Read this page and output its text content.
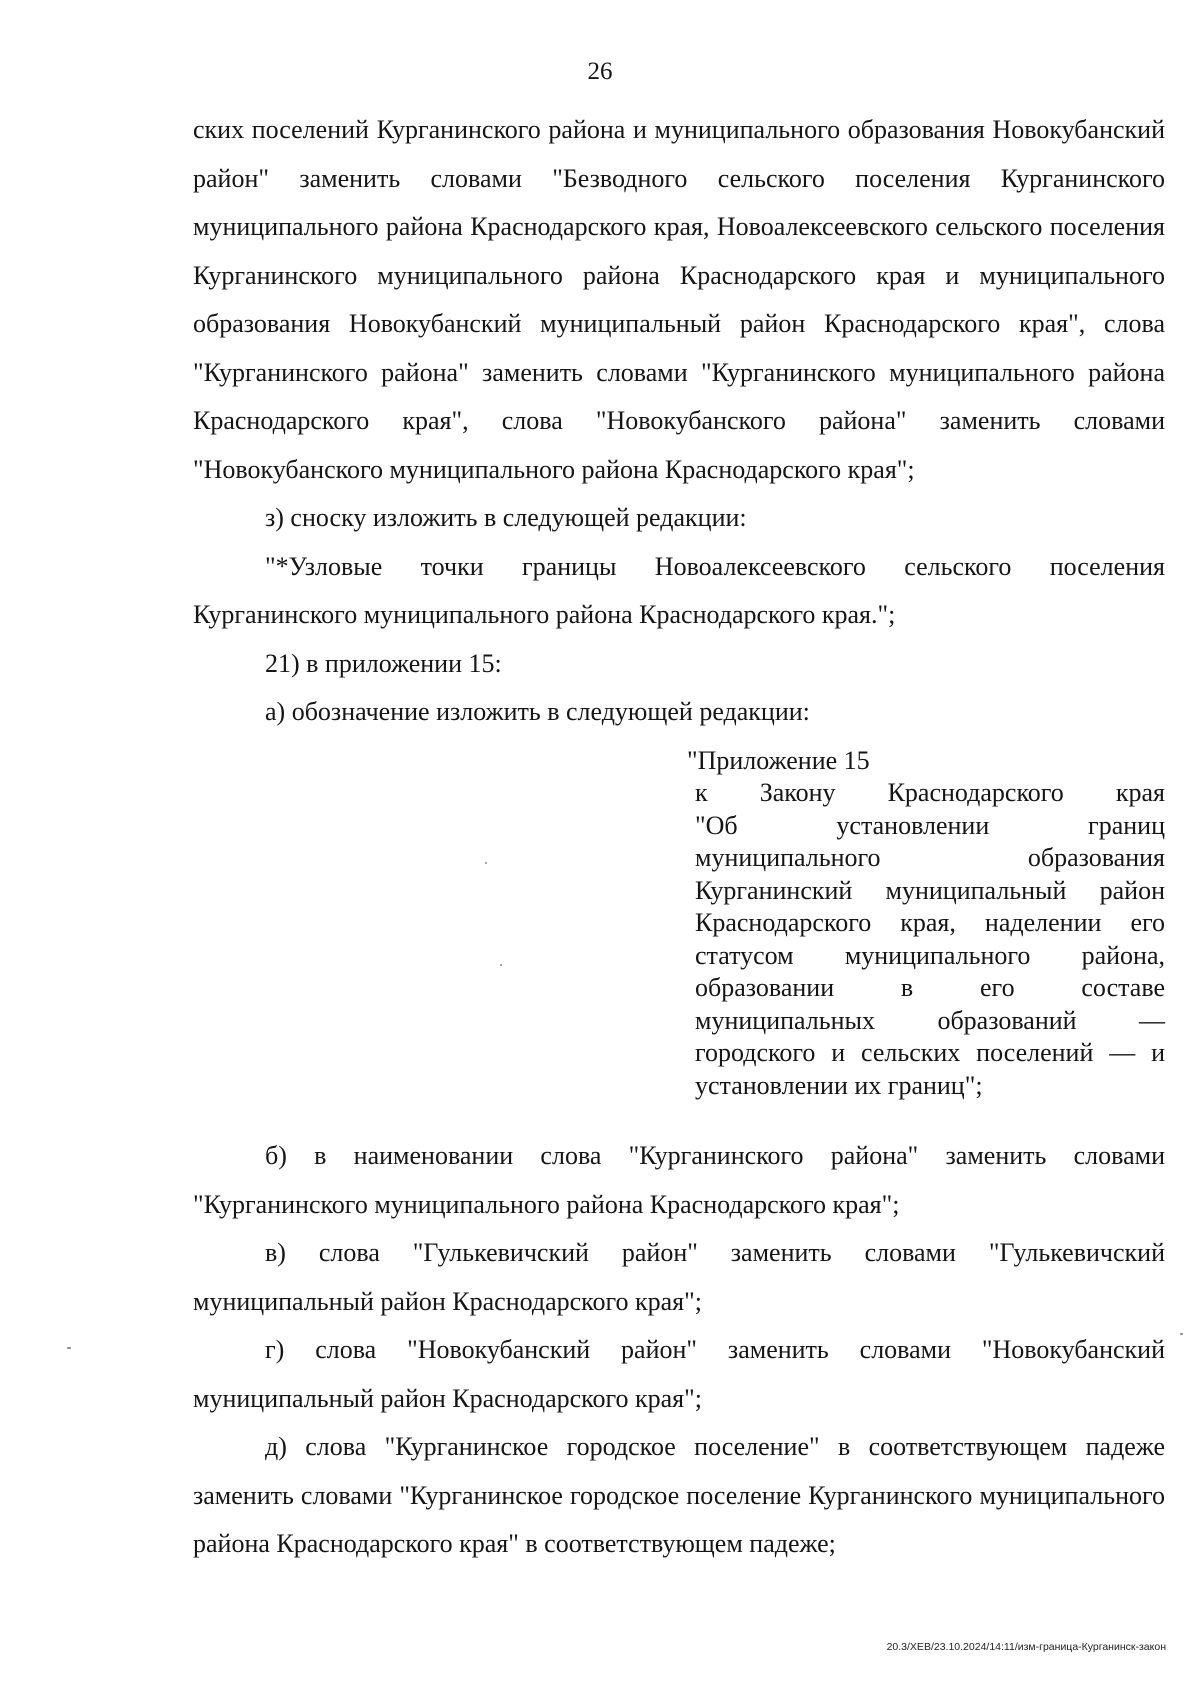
26

ских поселений Курганинского района и муниципального образования Новокубанский район" заменить словами "Безводного сельского поселения Курганинского муниципального района Краснодарского края, Новоалексеевского сельского поселения Курганинского муниципального района Краснодарского края и муниципального образования Новокубанский муниципальный район Краснодарского края", слова "Курганинского района" заменить словами "Курганинского муниципального района Краснодарского края", слова "Новокубанского района" заменить словами "Новокубанского муниципального района Краснодарского края";

з) сноску изложить в следующей редакции:

"*Узловые точки границы Новоалексеевского сельского поселения Курганинского муниципального района Краснодарского края.";

21) в приложении 15:

а) обозначение изложить в следующей редакции:

"Приложение 15
к Закону Краснодарского края
"Об установлении границ муниципального образования Курганинский муниципальный район Краснодарского края, наделении его статусом муниципального района, образовании в его составе муниципальных образований — городского и сельских поселений — и установлении их границ";

б) в наименовании слова "Курганинского района" заменить словами "Курганинского муниципального района Краснодарского края";

в) слова "Гулькевичский район" заменить словами "Гулькевичский муниципальный район Краснодарского края";

г) слова "Новокубанский район" заменить словами "Новокубанский муниципальный район Краснодарского края";

д) слова "Курганинское городское поселение" в соответствующем падеже заменить словами "Курганинское городское поселение Курганинского муниципального района Краснодарского края" в соответствующем падеже;

20.3/ХЕВ/23.10.2024/14:11/изм-граница-Курганинск-закон
